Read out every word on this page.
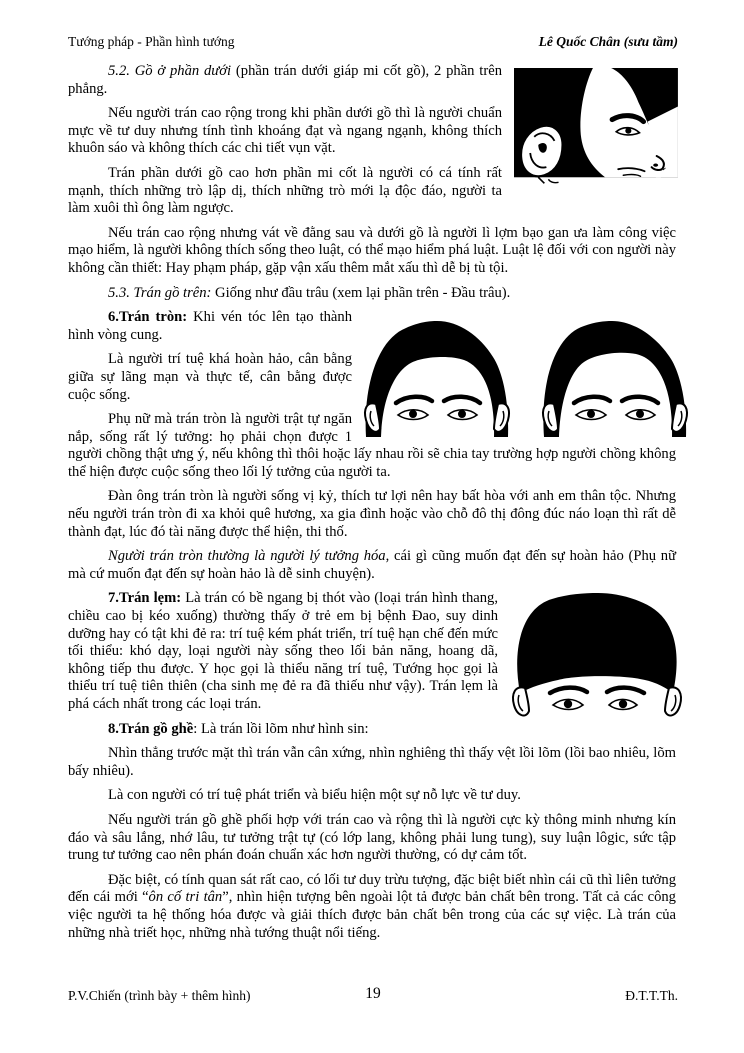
Tướng pháp - Phần hình tướng	Lê Quốc Chân (sưu tầm)

5.2. Gồ ở phần dưới (phần trán dưới giáp mi cốt gồ), 2 phần trên phẳng.

Nếu người trán cao rộng trong khi phần dưới gồ thì là người chuẩn mực về tư duy nhưng tính tình khoáng đạt và ngang ngạnh, không thích khuôn sáo và không thích các chi tiết vụn vặt.

Trán phần dưới gồ cao hơn phần mi cốt là người có cá tính rất mạnh, thích những trò lập dị, thích những trò mới lạ độc đáo, người ta làm xuôi thì ông làm ngược.

Nếu trán cao rộng nhưng vát về đằng sau và dưới gồ là người lì lợm bạo gan ưa làm công việc mạo hiểm, là người không thích sống theo luật, có thể mạo hiểm phá luật. Luật lệ đối với con người này không cần thiết: Hay phạm pháp, gặp vận xấu thêm mắt xấu thì dễ bị tù tội.

5.3. Trán gồ trên: Giống như đầu trâu (xem lại phần trên - Đầu trâu).

6.Trán tròn: Khi vén tóc lên tạo thành hình vòng cung.

Là người trí tuệ khá hoàn hảo, cân bằng giữa sự lãng mạn và thực tế, cân bằng được cuộc sống.

Phụ nữ mà trán tròn là người trật tự ngăn nắp, sống rất lý tưởng: họ phải chọn được 1 người chồng thật ưng ý, nếu không thì thôi hoặc lấy nhau rồi sẽ chia tay trường hợp người chồng không thể hiện được cuộc sống theo lối lý tưởng của người ta.

Đàn ông trán tròn là người sống vị kỷ, thích tư lợi nên hay bất hòa với anh em thân tộc. Nhưng nếu người trán tròn đi xa khỏi quê hương, xa gia đình hoặc vào chỗ đô thị đông đúc náo loạn thì rất dễ thành đạt, lúc đó tài năng được thể hiện, thi thố.

Người trán tròn thường là người lý tưởng hóa, cái gì cũng muốn đạt đến sự hoàn hảo (Phụ nữ mà cứ muốn đạt đến sự hoàn hảo là dễ sinh chuyện).

7.Trán lẹm: Là trán có bề ngang bị thót vào (loại trán hình thang, chiều cao bị kéo xuống) thường thấy ở trẻ em bị bệnh Đao, suy dinh dưỡng hay có tật khi đẻ ra: trí tuệ kém phát triển, trí tuệ hạn chế đến mức tối thiểu: khó dạy, loại người này sống theo lối bản năng, hoang dã, không tiếp thu được. Y học gọi là thiểu năng trí tuệ, Tướng học gọi là thiểu trí tuệ tiên thiên (cha sinh mẹ đẻ ra đã thiếu như vậy). Trán lẹm là phá cách nhất trong các loại trán.

8.Trán gồ ghề: Là trán lồi lõm như hình sin:

Nhìn thẳng trước mặt thì trán vẫn cân xứng, nhìn nghiêng thì thấy vệt lồi lõm (lồi bao nhiêu, lõm bấy nhiêu).

Là con người có trí tuệ phát triển và biểu hiện một sự nỗ lực về tư duy.

Nếu người trán gồ ghề phối hợp với trán cao và rộng thì là người cực kỳ thông minh nhưng kín đáo và sâu lắng, nhớ lâu, tư tưởng trật tự (có lớp lang, không phải lung tung), suy luận lôgic, sức tập trung tư tưởng cao nên phán đoán chuẩn xác hơn người thường, có dự cảm tốt.

Đặc biệt, có tính quan sát rất cao, có lối tư duy trừu tượng, đặc biệt biết nhìn cái cũ thì liên tưởng đến cái mới “ôn cố tri tân”, nhìn hiện tượng bên ngoài lột tả được bản chất bên trong. Tất cả các công việc người ta hệ thống hóa được và giải thích được bản chất bên trong của các sự việc. Là trán của những nhà triết học, những nhà tướng thuật nổi tiếng.

P.V.Chiến (trình bày + thêm hình)	19	Đ.T.T.Th.
